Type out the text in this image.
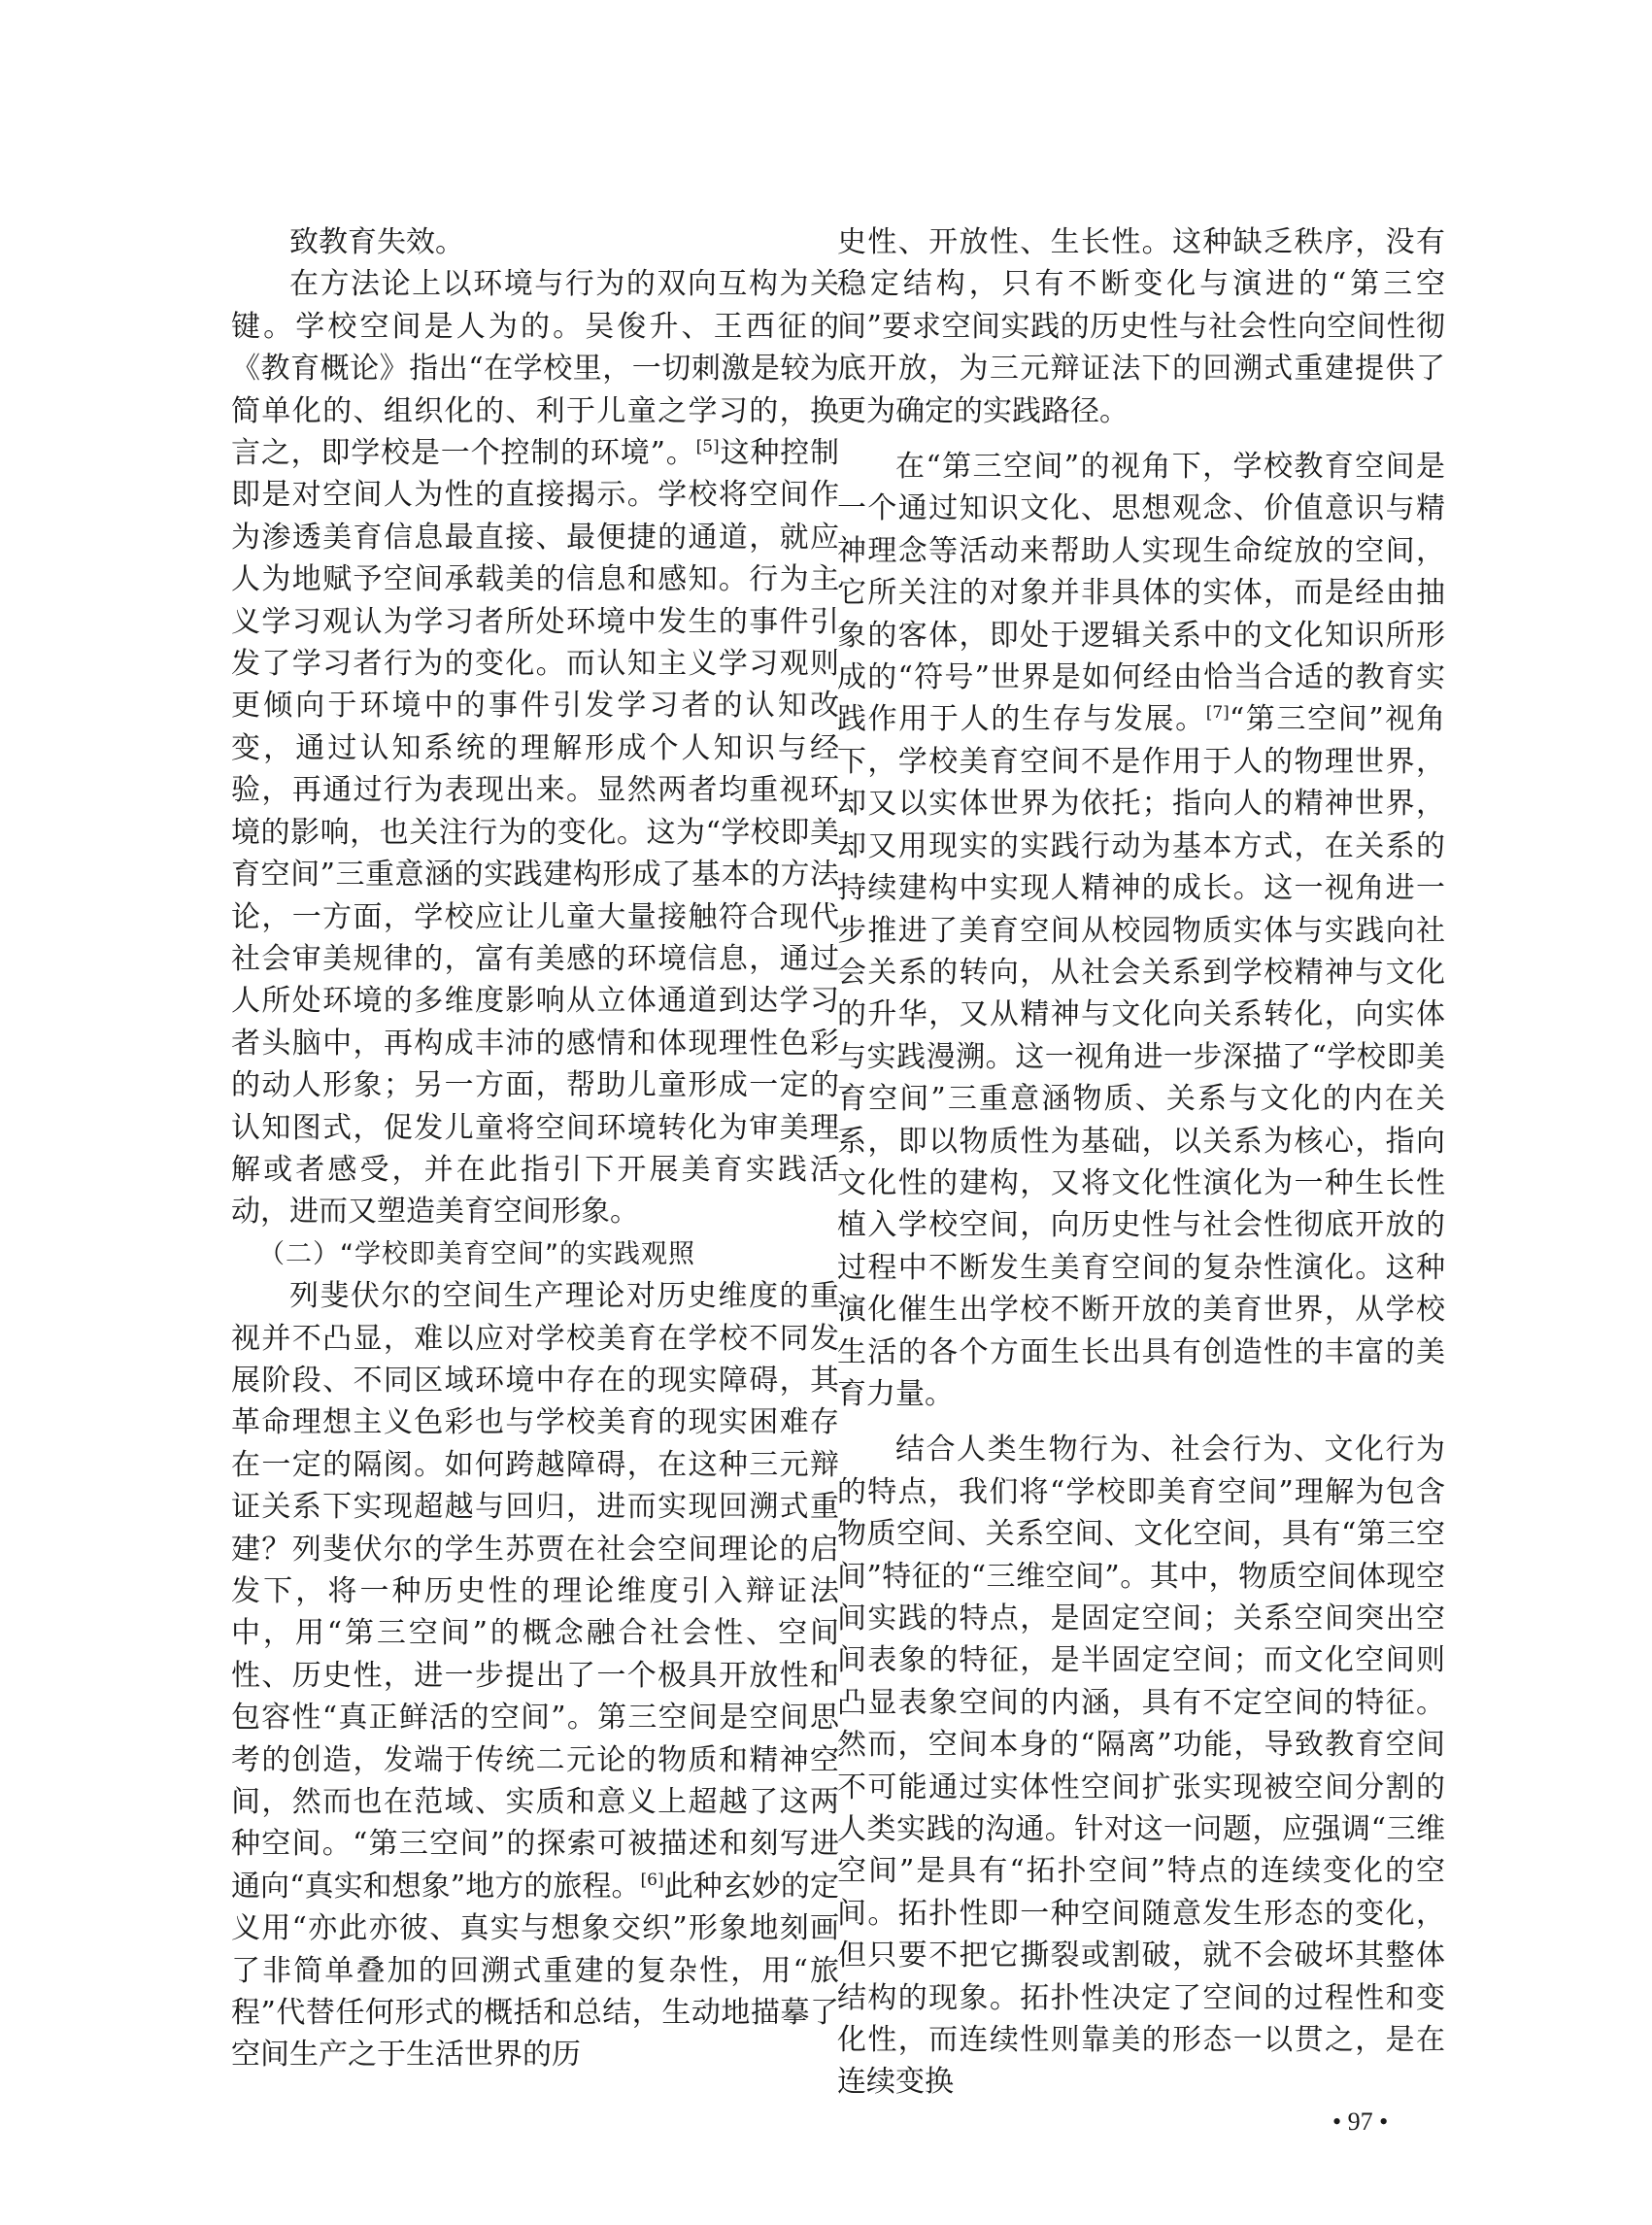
致教育失效。

在方法论上以环境与行为的双向互构为关键。学校空间是人为的。吴俊升、王西征的《教育概论》指出“在学校里，一切刺激是较为简单化的、组织化的、利于儿童之学习的，换言之，即学校是一个控制的环境”。[5]这种控制即是对空间人为性的直接揭示。学校将空间作为渗透美育信息最直接、最便捷的通道，就应人为地赋予空间承载美的信息和感知。行为主义学习观认为学习者所处环境中发生的事件引发了学习者行为的变化。而认知主义学习观则更倾向于环境中的事件引发学习者的认知改变，通过认知系统的理解形成个人知识与经验，再通过行为表现出来。显然两者均重视环境的影响，也关注行为的变化。这为“学校即美育空间”三重意涵的实践建构形成了基本的方法论，一方面，学校应让儿童大量接触符合现代社会审美规律的，富有美感的环境信息，通过人所处环境的多维度影响从立体通道到达学习者头脑中，再构成丰沛的感情和体现理性色彩的动人形象；另一方面，帮助儿童形成一定的认知图式，促发儿童将空间环境转化为审美理解或者感受，并在此指引下开展美育实践活动，进而又塑造美育空间形象。

（二）“学校即美育空间”的实践观照

列斐伏尔的空间生产理论对历史维度的重视并不凸显，难以应对学校美育在学校不同发展阶段、不同区域环境中存在的现实障碍，其革命理想主义色彩也与学校美育的现实困难存在一定的隔阂。如何跨越障碍，在这种三元辩证关系下实现超越与回归，进而实现回溯式重建？列斐伏尔的学生苏贾在社会空间理论的启发下，将一种历史性的理论维度引入辩证法中，用“第三空间”的概念融合社会性、空间性、历史性，进一步提出了一个极具开放性和包容性“真正鲜活的空间”。第三空间是空间思考的创造，发端于传统二元论的物质和精神空间，然而也在范域、实质和意义上超越了这两种空间。“第三空间”的探索可被描述和刻写进通向“真实和想象”地方的旅程。[6]此种玄妙的定义用“亦此亦彼、真实与想象交织”形象地刻画了非简单叠加的回溯式重建的复杂性，用“旅程”代替任何形式的概括和总结，生动地描摹了空间生产之于生活世界的历

史性、开放性、生长性。这种缺乏秩序，没有稳定结构，只有不断变化与演进的“第三空间”要求空间实践的历史性与社会性向空间性彻底开放，为三元辩证法下的回溯式重建提供了更为确定的实践路径。

在“第三空间”的视角下，学校教育空间是一个通过知识文化、思想观念、价值意识与精神理念等活动来帮助人实现生命绽放的空间，它所关注的对象并非具体的实体，而是经由抽象的客体，即处于逻辑关系中的文化知识所形成的“符号”世界是如何经由恰当合适的教育实践作用于人的生存与发展。[7]“第三空间”视角下，学校美育空间不是作用于人的物理世界，却又以实体世界为依托；指向人的精神世界，却又用现实的实践行动为基本方式，在关系的持续建构中实现人精神的成长。这一视角进一步推进了美育空间从校园物质实体与实践向社会关系的转向，从社会关系到学校精神与文化的升华，又从精神与文化向关系转化，向实体与实践漫溯。这一视角进一步深描了“学校即美育空间”三重意涵物质、关系与文化的内在关系，即以物质性为基础，以关系为核心，指向文化性的建构，又将文化性演化为一种生长性植入学校空间，向历史性与社会性彻底开放的过程中不断发生美育空间的复杂性演化。这种演化催生出学校不断开放的美育世界，从学校生活的各个方面生长出具有创造性的丰富的美育力量。

结合人类生物行为、社会行为、文化行为的特点，我们将“学校即美育空间”理解为包含物质空间、关系空间、文化空间，具有“第三空间”特征的“三维空间”。其中，物质空间体现空间实践的特点，是固定空间；关系空间突出空间表象的特征，是半固定空间；而文化空间则凸显表象空间的内涵，具有不定空间的特征。然而，空间本身的“隔离”功能，导致教育空间不可能通过实体性空间扩张实现被空间分割的人类实践的沟通。针对这一问题，应强调“三维空间”是具有“拓扑空间”特点的连续变化的空间。拓扑性即一种空间随意发生形态的变化，但只要不把它撕裂或割破，就不会破坏其整体结构的现象。拓扑性决定了空间的过程性和变化性，而连续性则靠美的形态一以贯之，是在连续变换

• 97 •
